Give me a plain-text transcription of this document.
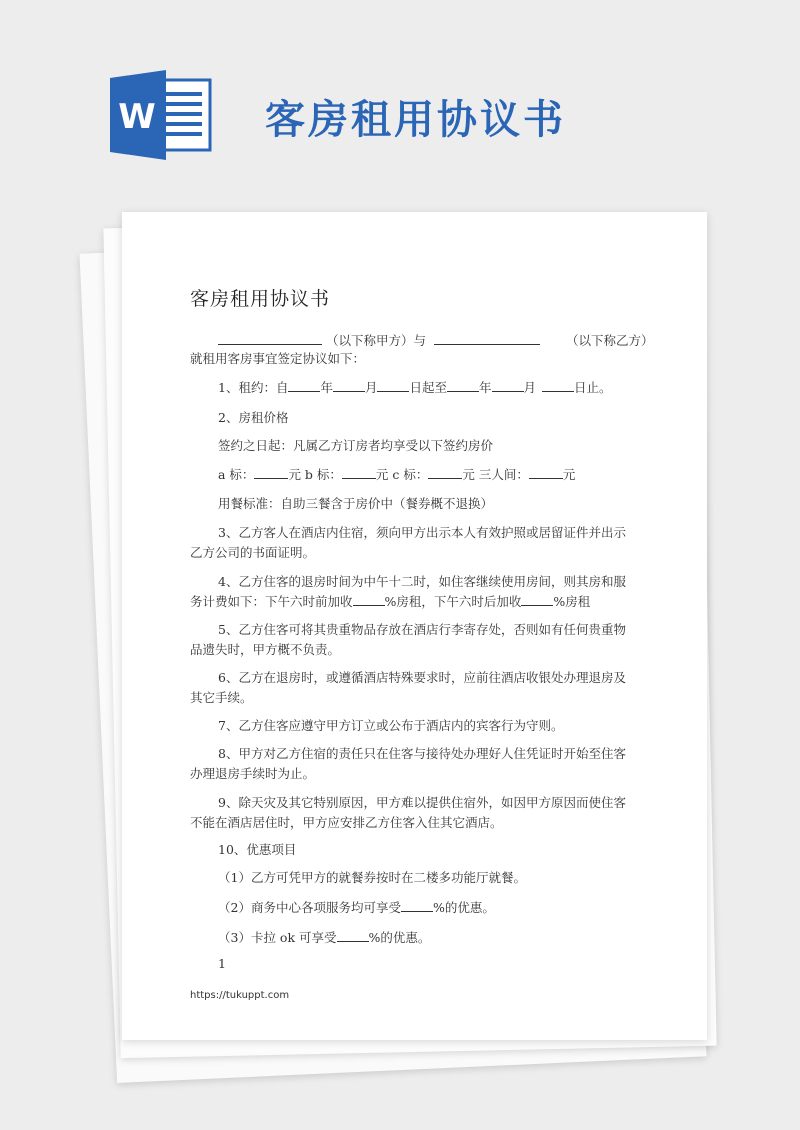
W	客房租用协议书

客房租用协议书
（以下称甲方）与	（以下称乙方）
就租用客房事宜签定协议如下：
1、租约：自	年	月	日起至	年	月	日止。
2、房租价格
签约之日起：凡属乙方订房者均享受以下签约房价
a 标：	元 b 标：	元 c 标：	元 三人间：	元
用餐标准：自助三餐含于房价中（餐券概不退换）
3、乙方客人在酒店内住宿，须向甲方出示本人有效护照或居留证件并出示
乙方公司的书面证明。
4、乙方住客的退房时间为中午十二时，如住客继续使用房间，则其房和服
务计费如下：下午六时前加收	%房租，下午六时后加收	%房租
5、乙方住客可将其贵重物品存放在酒店行李寄存处，否则如有任何贵重物
品遗失时，甲方概不负责。
6、乙方在退房时，或遵循酒店特殊要求时，应前往酒店收银处办理退房及
其它手续。
7、乙方住客应遵守甲方订立或公布于酒店内的宾客行为守则。
8、甲方对乙方住宿的责任只在住客与接待处办理好人住凭证时开始至住客
办理退房手续时为止。
9、除天灾及其它特别原因，甲方难以提供住宿外，如因甲方原因而使住客
不能在酒店居住时，甲方应安排乙方住客入住其它酒店。
10、优惠项目
（1）乙方可凭甲方的就餐券按时在二楼多功能厅就餐。
（2）商务中心各项服务均可享受	%的优惠。
（3）卡拉 ok 可享受	%的优惠。
1
https://tukuppt.com
